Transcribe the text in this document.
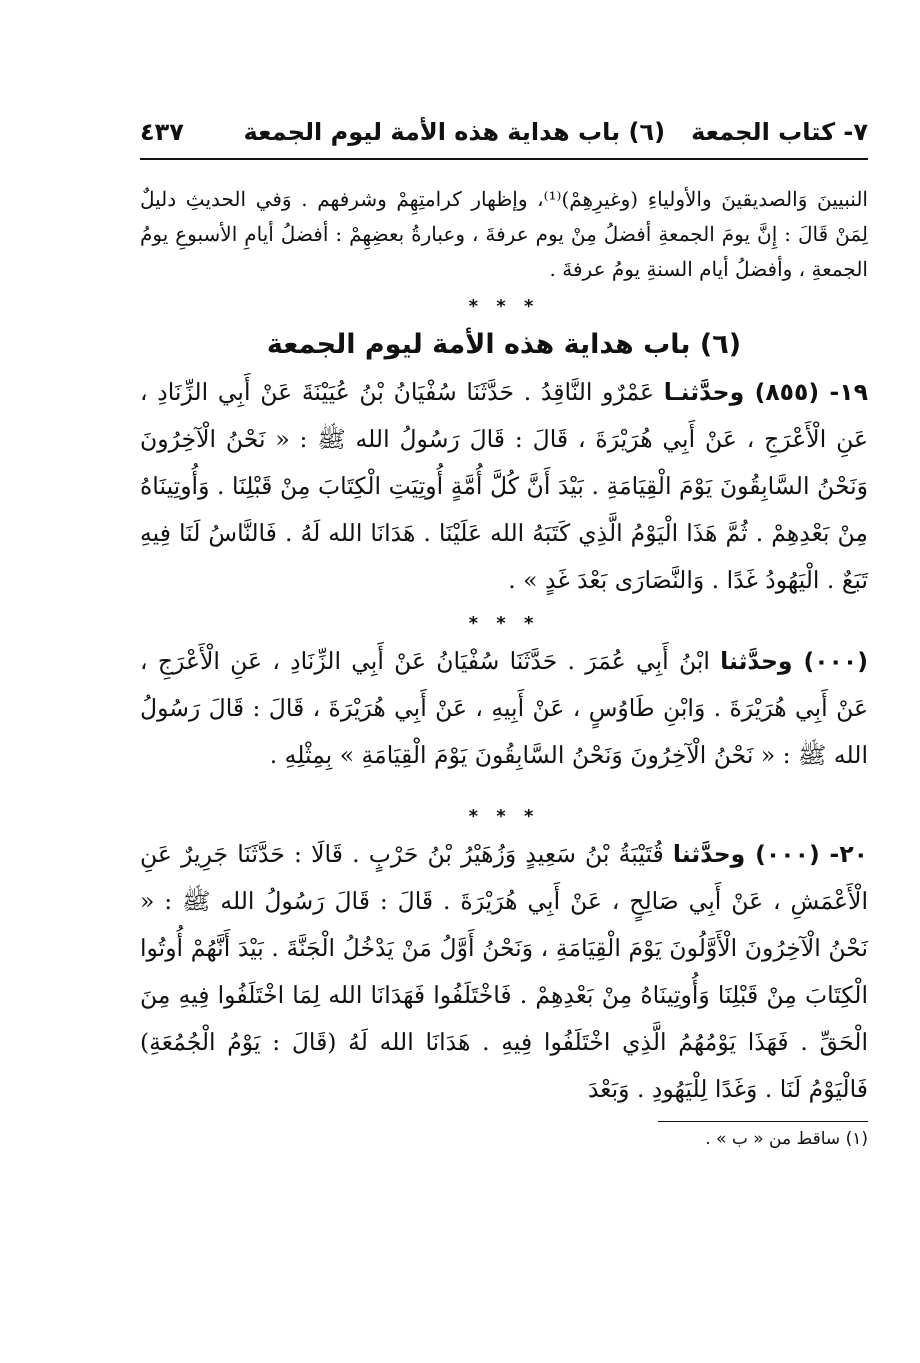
٧- كتاب الجمعة
(٦) باب هداية هذه الأمة ليوم الجمعة
٤٣٧

النبيينَ وَالصديقينَ والأولياءِ (وغيرِهِمْ)⁽¹⁾، وإظهار كرامتِهِمْ وشرفهم . وَفي الحديثِ دليلٌ لِمَنْ قَالَ : إِنَّ يومَ الجمعةِ أفضلُ مِنْ يوم عرفةَ ، وعبارةُ بعضِهِمْ : أفضلُ أيامِ الأسبوعِ يومُ الجمعةِ ، وأفضلُ أيام السنةِ يومُ عرفةَ .

* * *
(٦) باب هداية هذه الأمة ليوم الجمعة

١٩- (٨٥٥) وحدَّثنـا عَمْرٌو النَّاقِدُ . حَدَّثَنَا سُفْيَانُ بْنُ عُيَيْنَةَ عَنْ أَبِي الزِّنَادِ ، عَنِ الْأَعْرَجِ ، عَنْ أَبِي هُرَيْرَةَ ، قَالَ : قَالَ رَسُولُ الله ﷺ : « نَحْنُ الْآخِرُونَ وَنَحْنُ السَّابِقُونَ يَوْمَ الْقِيَامَةِ . بَيْدَ أَنَّ كُلَّ أُمَّةٍ أُوتِيَتِ الْكِتَابَ مِنْ قَبْلِنَا . وَأُوتِينَاهُ مِنْ بَعْدِهِمْ . ثُمَّ هَذَا الْيَوْمُ الَّذِي كَتَبَهُ الله عَلَيْنَا . هَدَانَا الله لَهُ . فَالنَّاسُ لَنَا فِيهِ تَبَعٌ . الْيَهُودُ غَدًا . وَالنَّصَارَى بَعْدَ غَدٍ » .

* * *

(٠٠٠) وحدَّثنا ابْنُ أَبِي عُمَرَ . حَدَّثَنَا سُفْيَانُ عَنْ أَبِي الزِّنَادِ ، عَنِ الْأَعْرَجِ ، عَنْ أَبِي هُرَيْرَةَ . وَابْنِ طَاوُسٍ ، عَنْ أَبِيهِ ، عَنْ أَبِي هُرَيْرَةَ ، قَالَ : قَالَ رَسُولُ الله ﷺ : « نَحْنُ الْآخِرُونَ وَنَحْنُ السَّابِقُونَ يَوْمَ الْقِيَامَةِ » بِمِثْلِهِ .

* * *

٢٠- (٠٠٠) وحدَّثنا قُتَيْبَةُ بْنُ سَعِيدٍ وَزُهَيْرُ بْنُ حَرْبٍ . قَالَا : حَدَّثَنَا جَرِيرٌ عَنِ الْأَعْمَشِ ، عَنْ أَبِي صَالِحٍ ، عَنْ أَبِي هُرَيْرَةَ . قَالَ : قَالَ رَسُولُ الله ﷺ : « نَحْنُ الْآخِرُونَ الْأَوَّلُونَ يَوْمَ الْقِيَامَةِ ، وَنَحْنُ أَوَّلُ مَنْ يَدْخُلُ الْجَنَّةَ . بَيْدَ أَنَّهُمْ أُوتُوا الْكِتَابَ مِنْ قَبْلِنَا وَأُوتِينَاهُ مِنْ بَعْدِهِمْ . فَاخْتَلَفُوا فَهَدَانَا الله لِمَا اخْتَلَفُوا فِيهِ مِنَ الْحَقِّ . فَهَذَا يَوْمُهُمُ الَّذِي اخْتَلَفُوا فِيهِ . هَدَانَا الله لَهُ (قَالَ : يَوْمُ الْجُمُعَةِ) فَالْيَوْمُ لَنَا . وَغَدًا لِلْيَهُودِ . وَبَعْدَ

(١) ساقط من « ب » .
